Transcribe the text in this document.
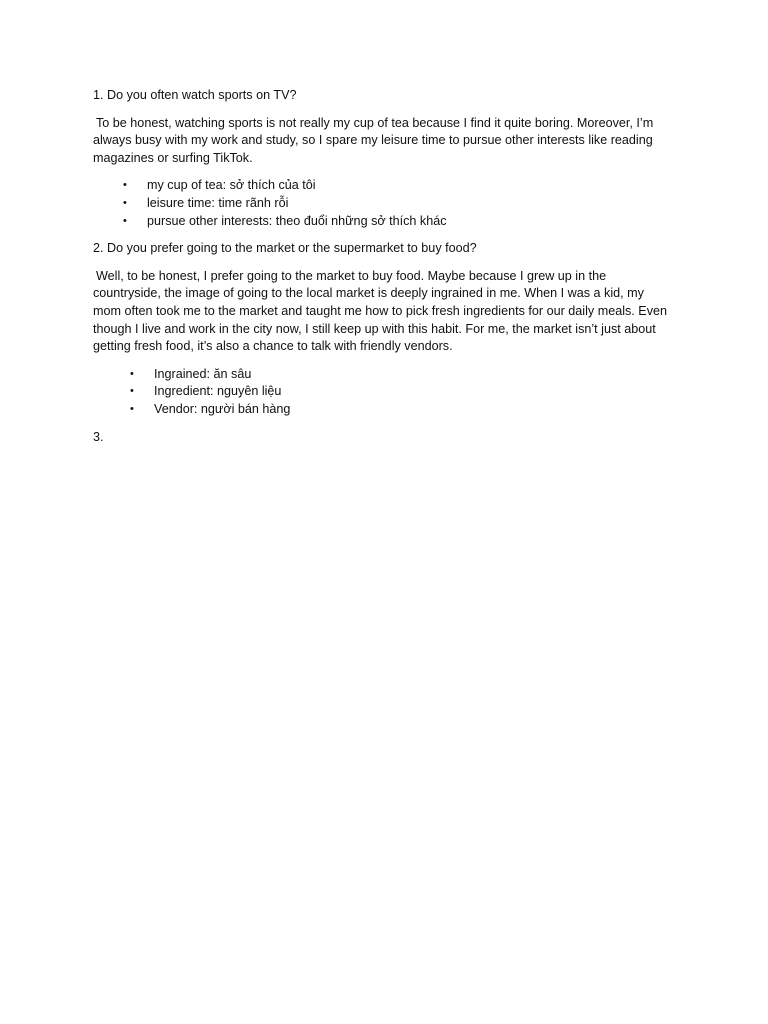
1. Do you often watch sports on TV?

To be honest, watching sports is not really my cup of tea because I find it quite boring. Moreover, I’m always busy with my work and study, so I spare my leisure time to pursue other interests like reading magazines or surfing TikTok.

• my cup of tea: sở thích của tôi
• leisure time: time rãnh rỗi
• pursue other interests: theo đuổi những sở thích khác

2. Do you prefer going to the market or the supermarket to buy food?

Well, to be honest, I prefer going to the market to buy food. Maybe because I grew up in the countryside, the image of going to the local market is deeply ingrained in me. When I was a kid, my mom often took me to the market and taught me how to pick fresh ingredients for our daily meals. Even though I live and work in the city now, I still keep up with this habit. For me, the market isn’t just about getting fresh food, it’s also a chance to talk with friendly vendors.

• Ingrained: ăn sâu
• Ingredient: nguyên liệu
• Vendor: người bán hàng

3.
